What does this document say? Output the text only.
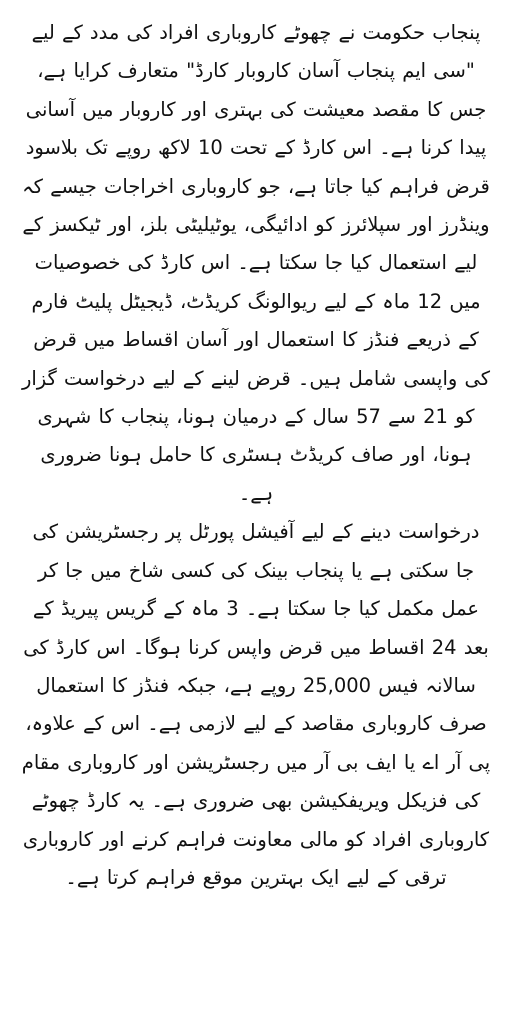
پنجاب حکومت نے چھوٹے کاروباری افراد کی مدد کے لیے "سی ایم پنجاب آسان کاروبار کارڈ" متعارف کرایا ہے، جس کا مقصد معیشت کی بہتری اور کاروبار میں آسانی پیدا کرنا ہے۔ اس کارڈ کے تحت 10 لاکھ روپے تک بلاسود قرض فراہم کیا جاتا ہے، جو کاروباری اخراجات جیسے کہ وینڈرز اور سپلائرز کو ادائیگی، یوٹیلیٹی بلز، اور ٹیکسز کے لیے استعمال کیا جا سکتا ہے۔ اس کارڈ کی خصوصیات میں 12 ماہ کے لیے ریوالونگ کریڈٹ، ڈیجیٹل پلیٹ فارم کے ذریعے فنڈز کا استعمال اور آسان اقساط میں قرض کی واپسی شامل ہیں۔ قرض لینے کے لیے درخواست گزار کو 21 سے 57 سال کے درمیان ہونا، پنجاب کا شہری ہونا، اور صاف کریڈٹ ہسٹری کا حامل ہونا ضروری ہے۔

درخواست دینے کے لیے آفیشل پورٹل پر رجسٹریشن کی جا سکتی ہے یا پنجاب بینک کی کسی شاخ میں جا کر عمل مکمل کیا جا سکتا ہے۔ 3 ماہ کے گریس پیریڈ کے بعد 24 اقساط میں قرض واپس کرنا ہوگا۔ اس کارڈ کی سالانہ فیس 25,000 روپے ہے، جبکہ فنڈز کا استعمال صرف کاروباری مقاصد کے لیے لازمی ہے۔ اس کے علاوہ، پی آر اے یا ایف بی آر میں رجسٹریشن اور کاروباری مقام کی فزیکل ویریفکیشن بھی ضروری ہے۔ یہ کارڈ چھوٹے کاروباری افراد کو مالی معاونت فراہم کرنے اور کاروباری ترقی کے لیے ایک بہترین موقع فراہم کرتا ہے۔
